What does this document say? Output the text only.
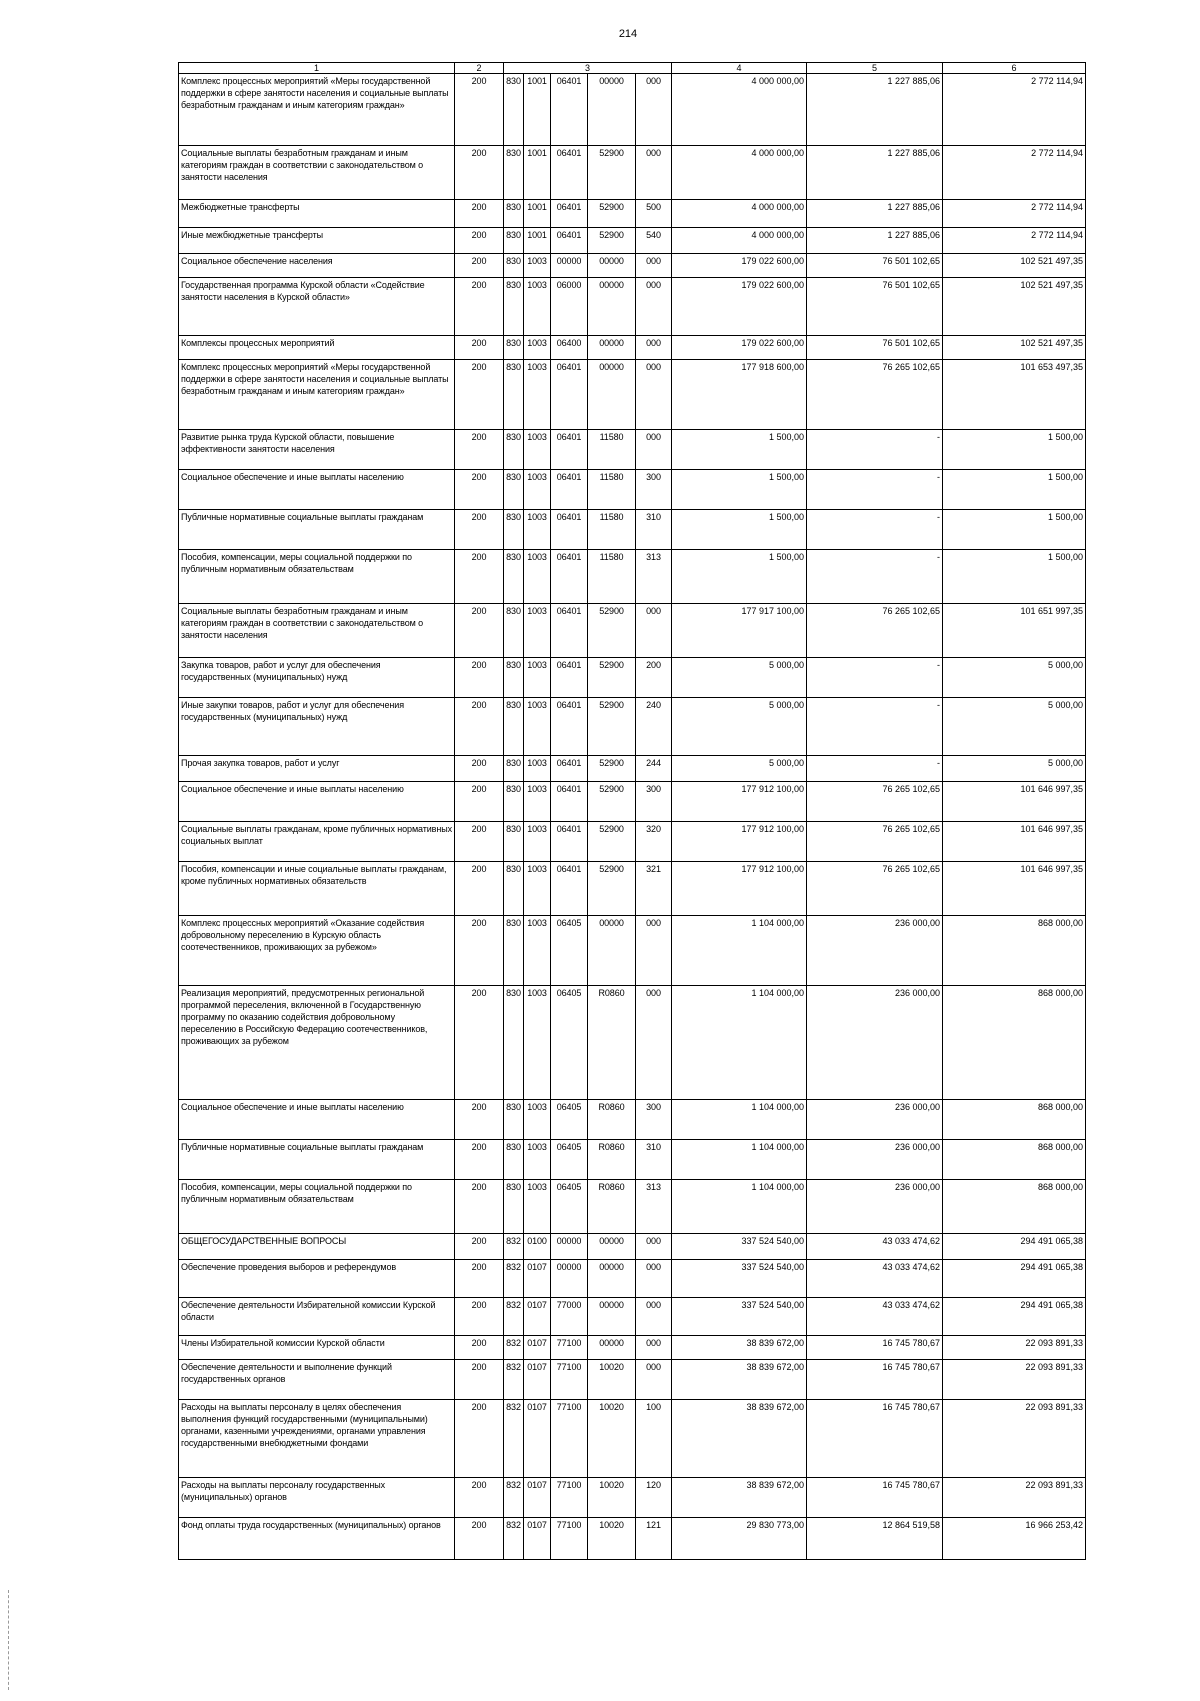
214
1	2	3					4	5	6
Комплекс процессных мероприятий «Меры государственной поддержки в сфере занятости населения и социальные выплаты безработным гражданам и иным категориям граждан»	200	830	1001	06401	00000	000	4 000 000,00	1 227 885,06	2 772 114,94
Социальные выплаты безработным гражданам и иным категориям граждан в соответствии с законодательством о занятости населения	200	830	1001	06401	52900	000	4 000 000,00	1 227 885,06	2 772 114,94
Межбюджетные трансферты	200	830	1001	06401	52900	500	4 000 000,00	1 227 885,06	2 772 114,94
Иные межбюджетные трансферты	200	830	1001	06401	52900	540	4 000 000,00	1 227 885,06	2 772 114,94
Социальное обеспечение населения	200	830	1003	00000	00000	000	179 022 600,00	76 501 102,65	102 521 497,35
Государственная программа Курской области «Содействие занятости населения в Курской области»	200	830	1003	06000	00000	000	179 022 600,00	76 501 102,65	102 521 497,35
Комплексы процессных мероприятий	200	830	1003	06400	00000	000	179 022 600,00	76 501 102,65	102 521 497,35
Комплекс процессных мероприятий «Меры государственной поддержки в сфере занятости населения и социальные выплаты безработным гражданам и иным категориям граждан»	200	830	1003	06401	00000	000	177 918 600,00	76 265 102,65	101 653 497,35
Развитие рынка труда Курской области, повышение эффективности занятости населения	200	830	1003	06401	11580	000	1 500,00	-	1 500,00
Социальное обеспечение и иные выплаты населению	200	830	1003	06401	11580	300	1 500,00	-	1 500,00
Публичные нормативные социальные выплаты гражданам	200	830	1003	06401	11580	310	1 500,00	-	1 500,00
Пособия, компенсации, меры социальной поддержки по публичным нормативным обязательствам	200	830	1003	06401	11580	313	1 500,00	-	1 500,00
Социальные выплаты безработным гражданам и иным категориям граждан в соответствии с законодательством о занятости населения	200	830	1003	06401	52900	000	177 917 100,00	76 265 102,65	101 651 997,35
Закупка товаров, работ и услуг для обеспечения государственных (муниципальных) нужд	200	830	1003	06401	52900	200	5 000,00	-	5 000,00
Иные закупки товаров, работ и услуг для обеспечения государственных (муниципальных) нужд	200	830	1003	06401	52900	240	5 000,00	-	5 000,00
Прочая закупка товаров, работ и услуг	200	830	1003	06401	52900	244	5 000,00	-	5 000,00
Социальное обеспечение и иные выплаты населению	200	830	1003	06401	52900	300	177 912 100,00	76 265 102,65	101 646 997,35
Социальные выплаты гражданам, кроме публичных нормативных социальных выплат	200	830	1003	06401	52900	320	177 912 100,00	76 265 102,65	101 646 997,35
Пособия, компенсации и иные социальные выплаты гражданам, кроме публичных нормативных обязательств	200	830	1003	06401	52900	321	177 912 100,00	76 265 102,65	101 646 997,35
Комплекс процессных мероприятий «Оказание содействия добровольному переселению в Курскую область соотечественников, проживающих за рубежом»	200	830	1003	06405	00000	000	1 104 000,00	236 000,00	868 000,00
Реализация мероприятий, предусмотренных региональной программой переселения, включенной в Государственную программу по оказанию содействия добровольному переселению в Российскую Федерацию соотечественников, проживающих за рубежом	200	830	1003	06405	R0860	000	1 104 000,00	236 000,00	868 000,00
Социальное обеспечение и иные выплаты населению	200	830	1003	06405	R0860	300	1 104 000,00	236 000,00	868 000,00
Публичные нормативные социальные выплаты гражданам	200	830	1003	06405	R0860	310	1 104 000,00	236 000,00	868 000,00
Пособия, компенсации, меры социальной поддержки по публичным нормативным обязательствам	200	830	1003	06405	R0860	313	1 104 000,00	236 000,00	868 000,00
ОБЩЕГОСУДАРСТВЕННЫЕ ВОПРОСЫ	200	832	0100	00000	00000	000	337 524 540,00	43 033 474,62	294 491 065,38
Обеспечение проведения выборов и референдумов	200	832	0107	00000	00000	000	337 524 540,00	43 033 474,62	294 491 065,38
Обеспечение деятельности Избирательной комиссии Курской области	200	832	0107	77000	00000	000	337 524 540,00	43 033 474,62	294 491 065,38
Члены Избирательной комиссии Курской области	200	832	0107	77100	00000	000	38 839 672,00	16 745 780,67	22 093 891,33
Обеспечение деятельности и выполнение функций государственных органов	200	832	0107	77100	10020	000	38 839 672,00	16 745 780,67	22 093 891,33
Расходы на выплаты персоналу в целях обеспечения выполнения функций государственными (муниципальными) органами, казенными учреждениями, органами управления государственными внебюджетными фондами	200	832	0107	77100	10020	100	38 839 672,00	16 745 780,67	22 093 891,33
Расходы на выплаты персоналу государственных (муниципальных) органов	200	832	0107	77100	10020	120	38 839 672,00	16 745 780,67	22 093 891,33
Фонд оплаты труда государственных (муниципальных) органов	200	832	0107	77100	10020	121	29 830 773,00	12 864 519,58	16 966 253,42
